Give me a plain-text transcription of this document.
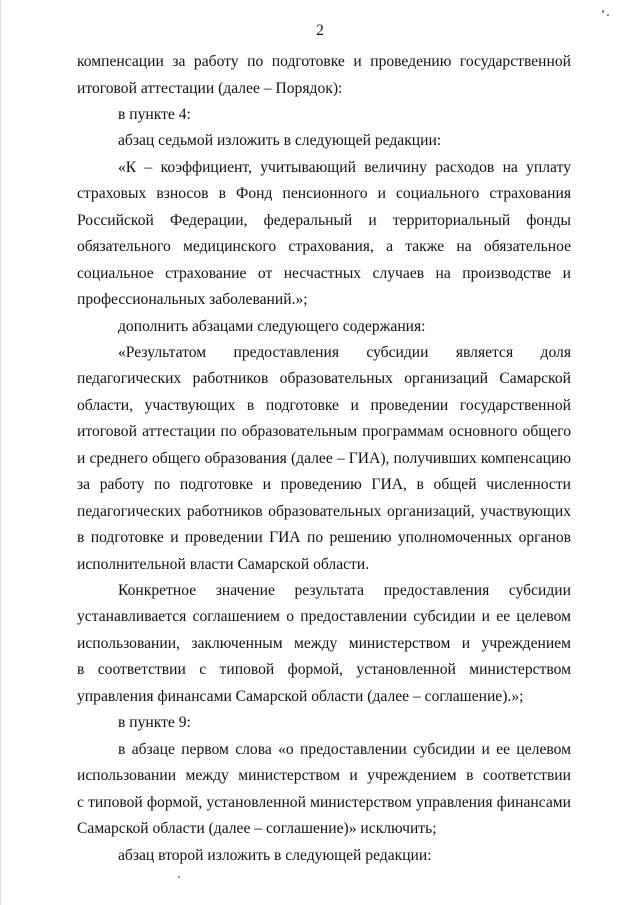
2
компенсации за работу по подготовке и проведению государственной
итоговой аттестации (далее – Порядок):
в пункте 4:
абзац седьмой изложить в следующей редакции:
«К – коэффициент, учитывающий величину расходов на уплату
страховых взносов в Фонд пенсионного и социального страхования
Российской Федерации, федеральный и территориальный фонды
обязательного медицинского страхования, а также на обязательное
социальное страхование от несчастных случаев на производстве и
профессиональных заболеваний.»;
дополнить абзацами следующего содержания:
«Результатом предоставления субсидии является доля
педагогических работников образовательных организаций Самарской
области, участвующих в подготовке и проведении государственной
итоговой аттестации по образовательным программам основного общего
и среднего общего образования (далее – ГИА), получивших компенсацию
за работу по подготовке и проведению ГИА, в общей численности
педагогических работников образовательных организаций, участвующих
в подготовке и проведении ГИА по решению уполномоченных органов
исполнительной власти Самарской области.
Конкретное значение результата предоставления субсидии
устанавливается соглашением о предоставлении субсидии и ее целевом
использовании, заключенным между министерством и учреждением
в соответствии с типовой формой, установленной министерством
управления финансами Самарской области (далее – соглашение).»;
в пункте 9:
в абзаце первом слова «о предоставлении субсидии и ее целевом
использовании между министерством и учреждением в соответствии
с типовой формой, установленной министерством управления финансами
Самарской области (далее – соглашение)» исключить;
абзац второй изложить в следующей редакции:
